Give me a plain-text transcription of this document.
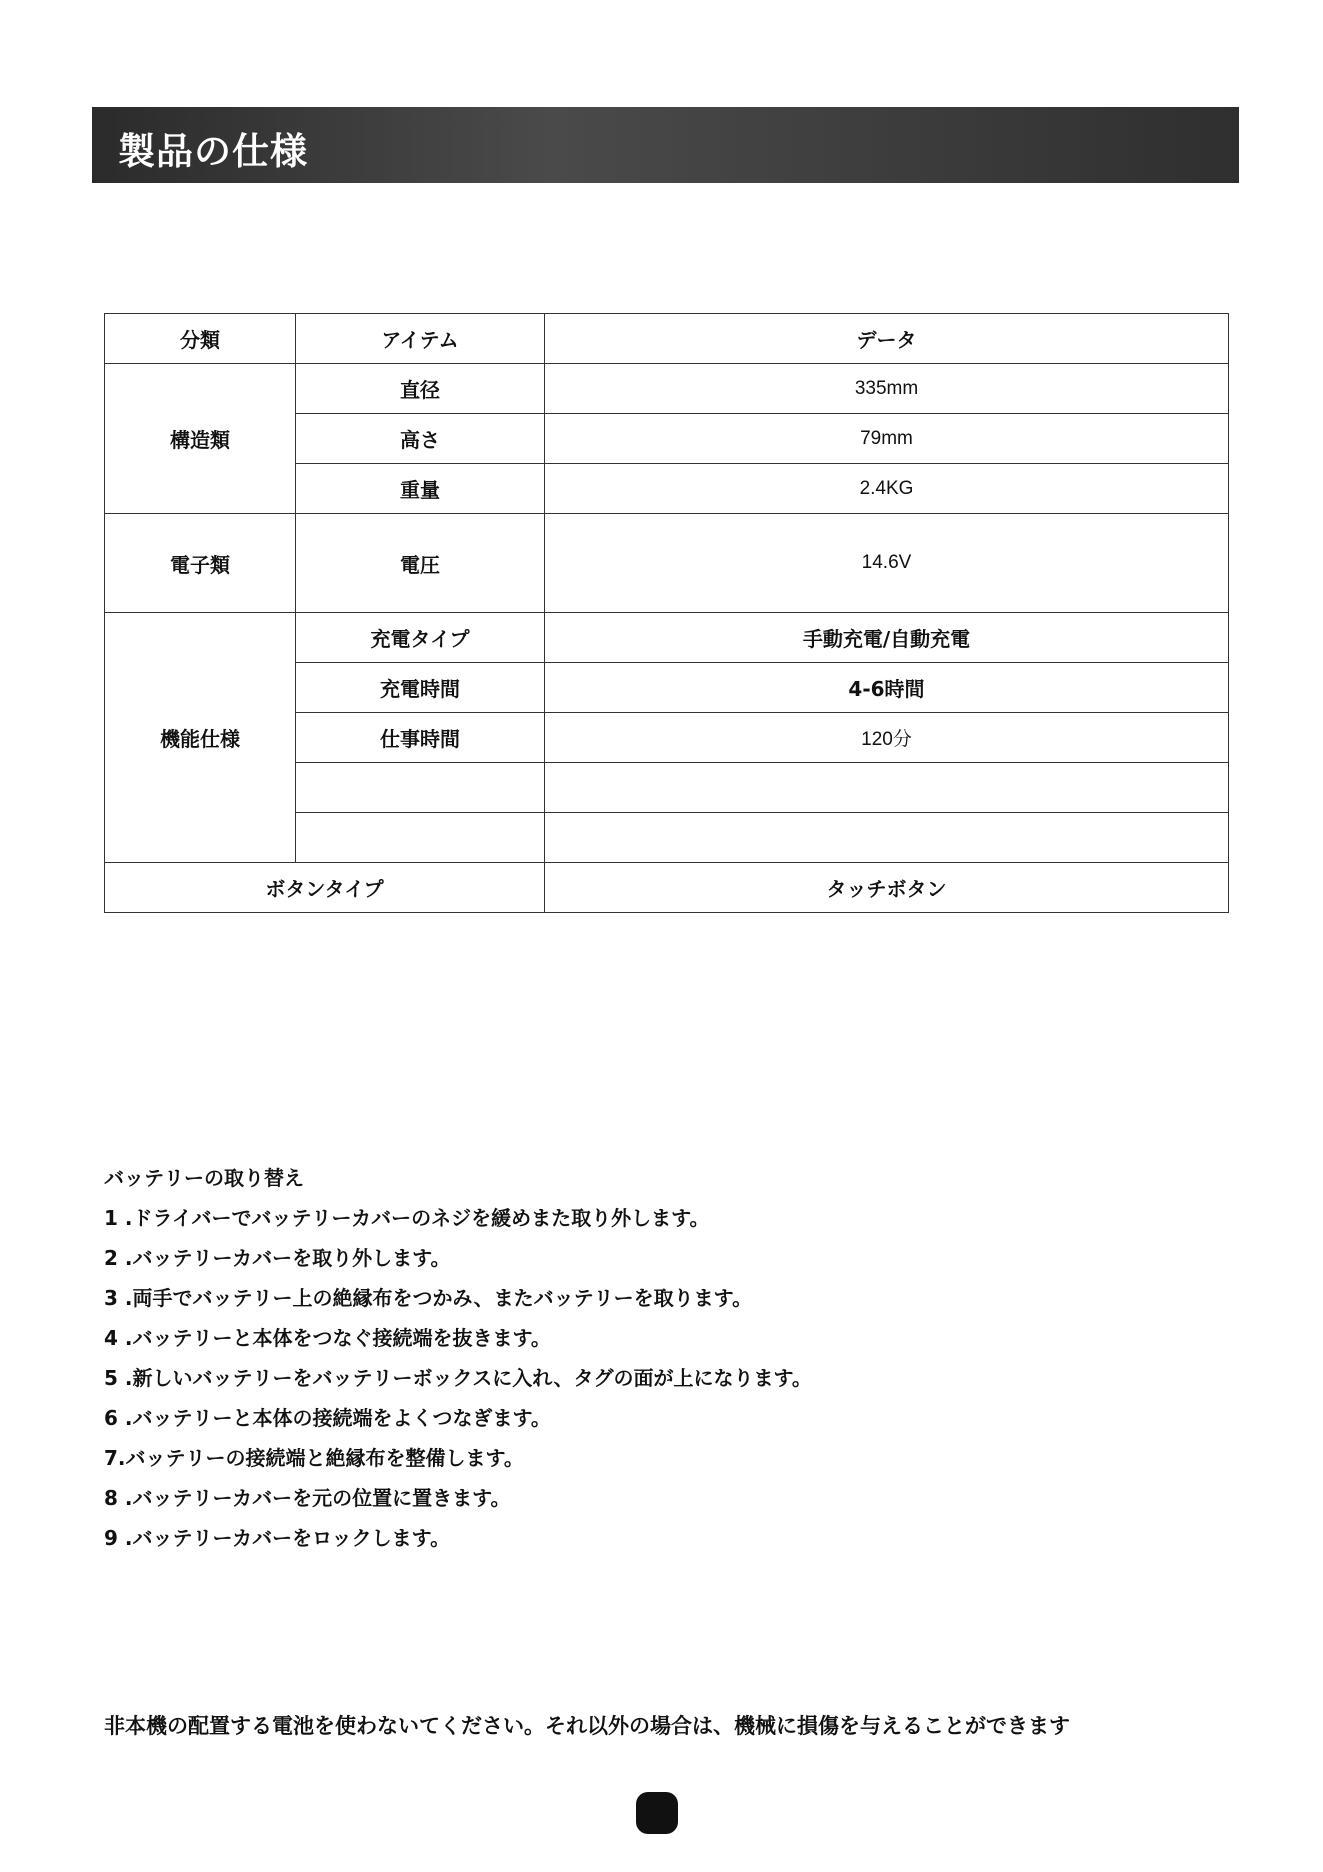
製品の仕様
分類	アイテム	データ
構造類	直径	335mm
	高さ	79mm
	重量	2.4KG
電子類	電圧	14.6V
機能仕様	充電タイプ	手動充電/自動充電
	充電時間	4-6時間
	仕事時間	120分

ボタンタイプ		タッチボタン
バッテリーの取り替え
1 .ドライバーでバッテリーカバーのネジを緩めまた取り外します。
2 .バッテリーカバーを取り外します。
3 .両手でバッテリー上の絶縁布をつかみ、またバッテリーを取ります。
4 .バッテリーと本体をつなぐ接続端を抜きます。
5 .新しいバッテリーをバッテリーボックスに入れ、タグの面が上になります。
6 .バッテリーと本体の接続端をよくつなぎます。
7.バッテリーの接続端と絶縁布を整備します。
8 .バッテリーカバーを元の位置に置きます。
9 .バッテリーカバーをロックします。
非本機の配置する電池を使わないてください。それ以外の場合は、機械に損傷を与えることができます
